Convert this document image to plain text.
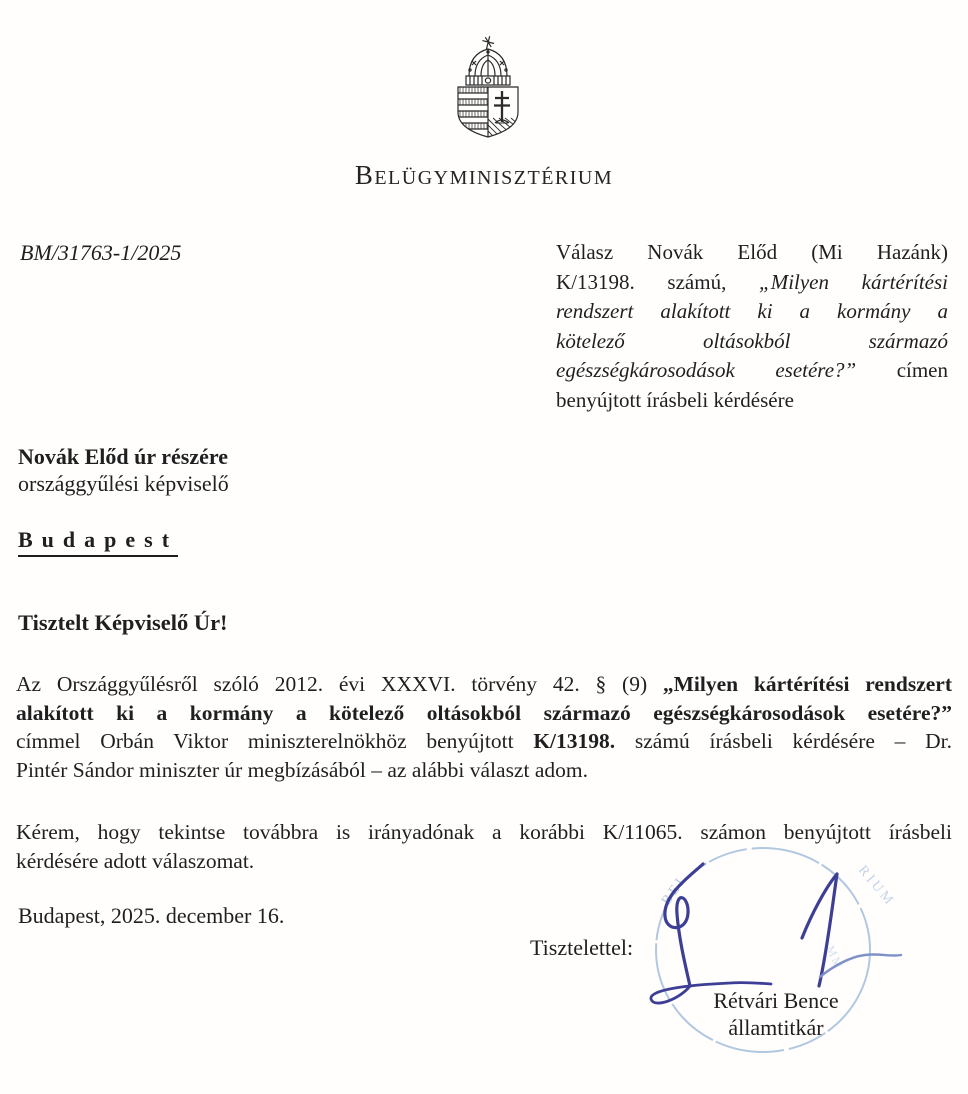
BELÜGYMINISZTÉRIUM
BM/31763-1/2025	Válasz Novák Előd (Mi Hazánk)
K/13198. számú, „Milyen kártérítési
rendszert alakított ki a kormány a
kötelező oltásokból származó
egészségkárosodások esetére?” címen
benyújtott írásbeli kérdésére
Novák Előd úr részére
országgyűlési képviselő
Budapest
Tisztelt Képviselő Úr!
Az Országgyűlésről szóló 2012. évi XXXVI. törvény 42. § (9) „Milyen kártérítési rendszert
alakított ki a kormány a kötelező oltásokból származó egészségkárosodások esetére?”
címmel Orbán Viktor miniszterelnökhöz benyújtott K/13198. számú írásbeli kérdésére – Dr.
Pintér Sándor miniszter úr megbízásából – az alábbi választ adom.
Kérem, hogy tekintse továbbra is irányadónak a korábbi K/11065. számon benyújtott írásbeli
kérdésére adott válaszomat.
Budapest, 2025. december 16.
Tisztelettel:
BEL	RIUM
MM
Rétvári Bence
államtitkár
